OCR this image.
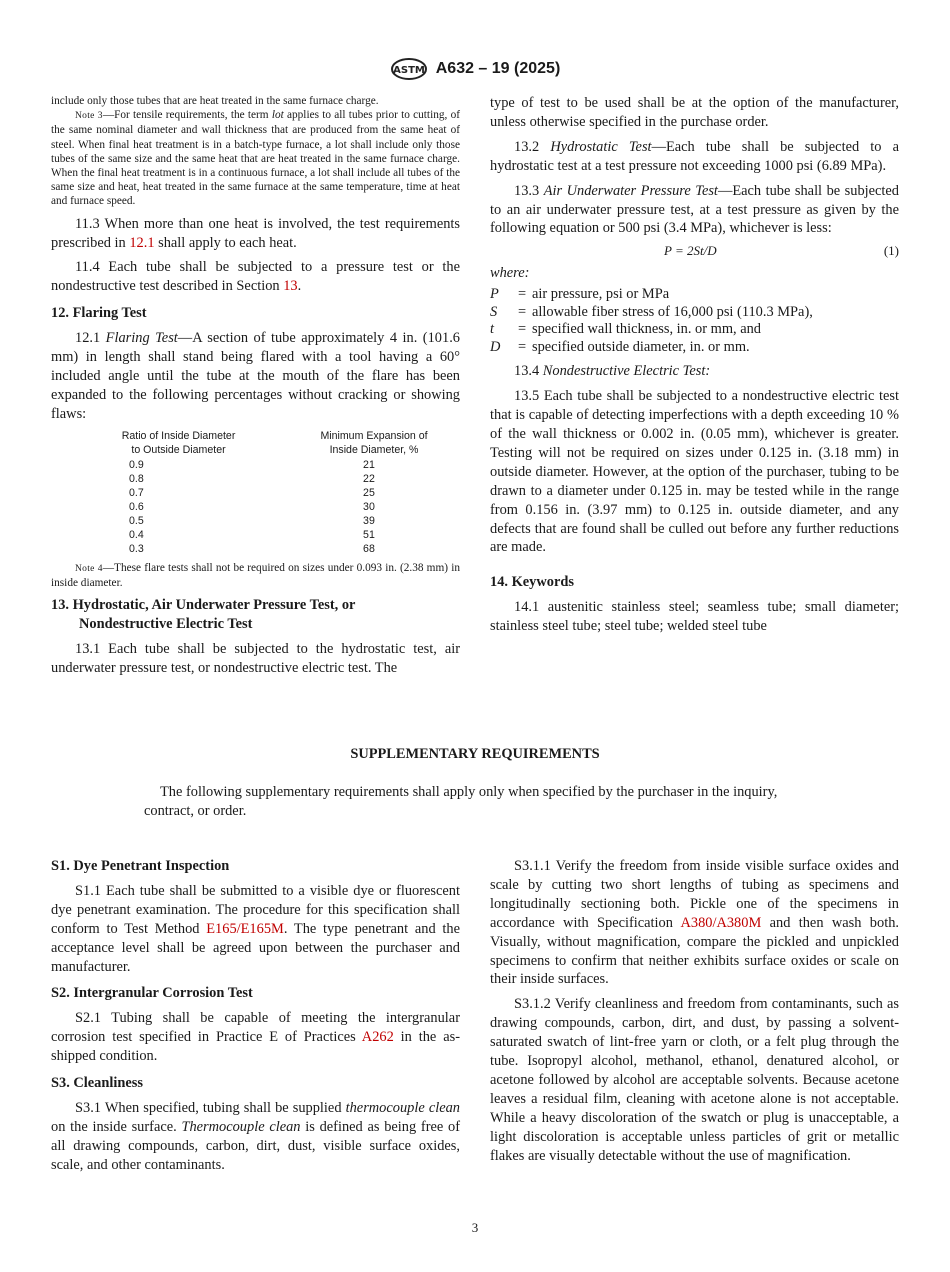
ASTM A632 – 19 (2025)

include only those tubes that are heat treated in the same furnace charge.

Note 3—For tensile requirements, the term lot applies to all tubes prior to cutting, of the same nominal diameter and wall thickness that are produced from the same heat of steel. When final heat treatment is in a batch-type furnace, a lot shall include only those tubes of the same size and the same heat that are heat treated in the same furnace charge. When the final heat treatment is in a continuous furnace, a lot shall include all tubes of the same size and heat, heat treated in the same furnace at the same temperature, time at heat and furnace speed.

11.3 When more than one heat is involved, the test requirements prescribed in 12.1 shall apply to each heat.

11.4 Each tube shall be subjected to a pressure test or the nondestructive test described in Section 13.

12. Flaring Test

12.1 Flaring Test—A section of tube approximately 4 in. (101.6 mm) in length shall stand being flared with a tool having a 60° included angle until the tube at the mouth of the flare has been expanded to the following percentages without cracking or showing flaws:

Ratio of Inside Diameter
to Outside Diameter	Minimum Expansion of
Inside Diameter, %
0.9	21
0.8	22
0.7	25
0.6	30
0.5	39
0.4	51
0.3	68

Note 4—These flare tests shall not be required on sizes under 0.093 in. (2.38 mm) in inside diameter.

13. Hydrostatic, Air Underwater Pressure Test, or
Nondestructive Electric Test

13.1 Each tube shall be subjected to the hydrostatic test, air underwater pressure test, or nondestructive electric test. The

type of test to be used shall be at the option of the manufacturer, unless otherwise specified in the purchase order.

13.2 Hydrostatic Test—Each tube shall be subjected to a hydrostatic test at a test pressure not exceeding 1000 psi (6.89 MPa).

13.3 Air Underwater Pressure Test—Each tube shall be subjected to an air underwater pressure test, at a test pressure as given by the following equation or 500 psi (3.4 MPa), whichever is less:

P = 2St/D	(1)

where:

P	=	air pressure, psi or MPa
S	=	allowable fiber stress of 16,000 psi (110.3 MPa),
t	=	specified wall thickness, in. or mm, and
D	=	specified outside diameter, in. or mm.

13.4 Nondestructive Electric Test:

13.5 Each tube shall be subjected to a nondestructive electric test that is capable of detecting imperfections with a depth exceeding 10 % of the wall thickness or 0.002 in. (0.05 mm), whichever is greater. Testing will not be required on sizes under 0.125 in. (3.18 mm) in outside diameter. However, at the option of the purchaser, tubing to be drawn to a diameter under 0.125 in. may be tested while in the range from 0.156 in. (3.97 mm) to 0.125 in. outside diameter, and any defects that are found shall be culled out before any further reductions are made.

14. Keywords

14.1 austenitic stainless steel; seamless tube; small diameter; stainless steel tube; steel tube; welded steel tube

SUPPLEMENTARY REQUIREMENTS
The following supplementary requirements shall apply only when specified by the purchaser in the inquiry, contract, or order.
S1. Dye Penetrant Inspection

S1.1 Each tube shall be submitted to a visible dye or fluorescent dye penetrant examination. The procedure for this specification shall conform to Test Method E165/E165M. The type penetrant and the acceptance level shall be agreed upon between the purchaser and manufacturer.

S2. Intergranular Corrosion Test

S2.1 Tubing shall be capable of meeting the intergranular corrosion test specified in Practice E of Practices A262 in the as-shipped condition.

S3. Cleanliness

S3.1 When specified, tubing shall be supplied thermocouple clean on the inside surface. Thermocouple clean is defined as being free of all drawing compounds, carbon, dirt, dust, visible surface oxides, scale, and other contaminants.

S3.1.1 Verify the freedom from inside visible surface oxides and scale by cutting two short lengths of tubing as specimens and longitudinally sectioning both. Pickle one of the specimens in accordance with Specification A380/A380M and then wash both. Visually, without magnification, compare the pickled and unpickled specimens to confirm that neither exhibits surface oxides or scale on their inside surfaces.

S3.1.2 Verify cleanliness and freedom from contaminants, such as drawing compounds, carbon, dirt, and dust, by passing a solvent-saturated swatch of lint-free yarn or cloth, or a felt plug through the tube. Isopropyl alcohol, methanol, ethanol, denatured alcohol, or acetone followed by alcohol are acceptable solvents. Because acetone leaves a residual film, cleaning with acetone alone is not acceptable. While a heavy discoloration of the swatch or plug is unacceptable, a light discoloration is acceptable unless particles of grit or metallic flakes are visually detectable without the use of magnification.

3
